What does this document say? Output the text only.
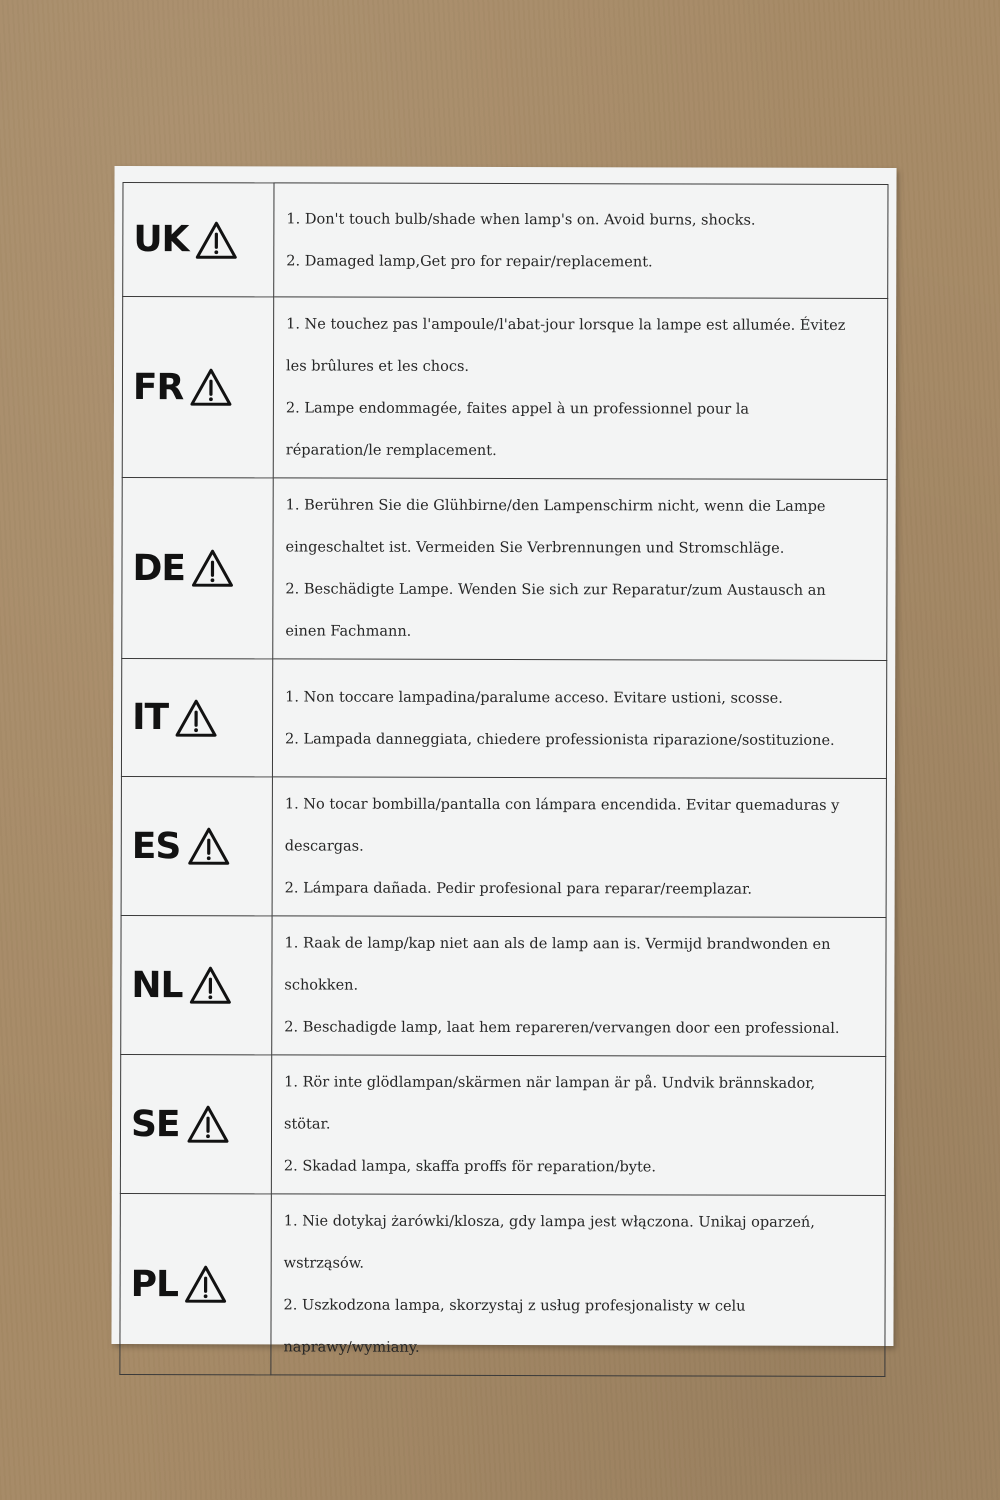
UK	1. Don't touch bulb/shade when lamp's on. Avoid burns, shocks.
2. Damaged lamp,Get pro for repair/replacement.

FR	1. Ne touchez pas l'ampoule/l'abat-jour lorsque la lampe est allumée. Évitez
les brûlures et les chocs.
2. Lampe endommagée, faites appel à un professionnel pour la
réparation/le remplacement.

DE	1. Berühren Sie die Glühbirne/den Lampenschirm nicht, wenn die Lampe
eingeschaltet ist. Vermeiden Sie Verbrennungen und Stromschläge.
2. Beschädigte Lampe. Wenden Sie sich zur Reparatur/zum Austausch an
einen Fachmann.

IT	1. Non toccare lampadina/paralume acceso. Evitare ustioni, scosse.
2. Lampada danneggiata, chiedere professionista riparazione/sostituzione.

ES	1. No tocar bombilla/pantalla con lámpara encendida. Evitar quemaduras y
descargas.
2. Lámpara dañada. Pedir profesional para reparar/reemplazar.

NL	1. Raak de lamp/kap niet aan als de lamp aan is. Vermijd brandwonden en
schokken.
2. Beschadigde lamp, laat hem repareren/vervangen door een professional.

SE	1. Rör inte glödlampan/skärmen när lampan är på. Undvik brännskador,
stötar.
2. Skadad lampa, skaffa proffs för reparation/byte.

PL	1. Nie dotykaj żarówki/klosza, gdy lampa jest włączona. Unikaj oparzeń,
wstrząsów.
2. Uszkodzona lampa, skorzystaj z usług profesjonalisty w celu
naprawy/wymiany.
